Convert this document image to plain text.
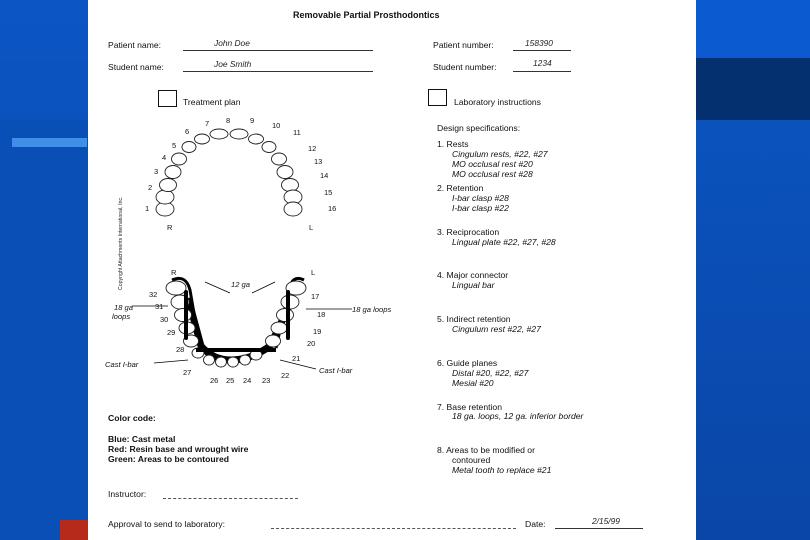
Removable Partial Prosthodontics
Patient name:	John Doe	Patient number:	158390
Student name:	Joe Smith	Student number:	1234
Treatment plan	Laboratory instructions
Copyright Attachments International, Inc.	1
2
3
4
5
6
7 8	9
10
11
12
13
14
15
16
R	L
R	L
17
18
19
20
21
22
23
24
25
26
27
28
29
30
31
32
12 ga
18 ga
loops
18 ga loops
Cast I-bar
Cast I-bar
Color code:
Blue: Cast metal
Red: Resin base and wrought wire
Green: Areas to be contoured
Instructor:
Approval to send to laboratory:	Date:	2/15/99
Design specifications:
1. Rests
Cingulum rests, #22, #27
MO occlusal rest #20
MO occlusal rest #28
2. Retention
I-bar clasp #28
I-bar clasp #22
3. Reciprocation
Lingual plate #22, #27, #28
4. Major connector
Lingual bar
5. Indirect retention
Cingulum rest #22, #27
6. Guide planes
Distal #20, #22, #27
Mesial #20
7. Base retention
18 ga. loops, 12 ga. inferior border
8. Areas to be modified or
contoured
Metal tooth to replace #21
